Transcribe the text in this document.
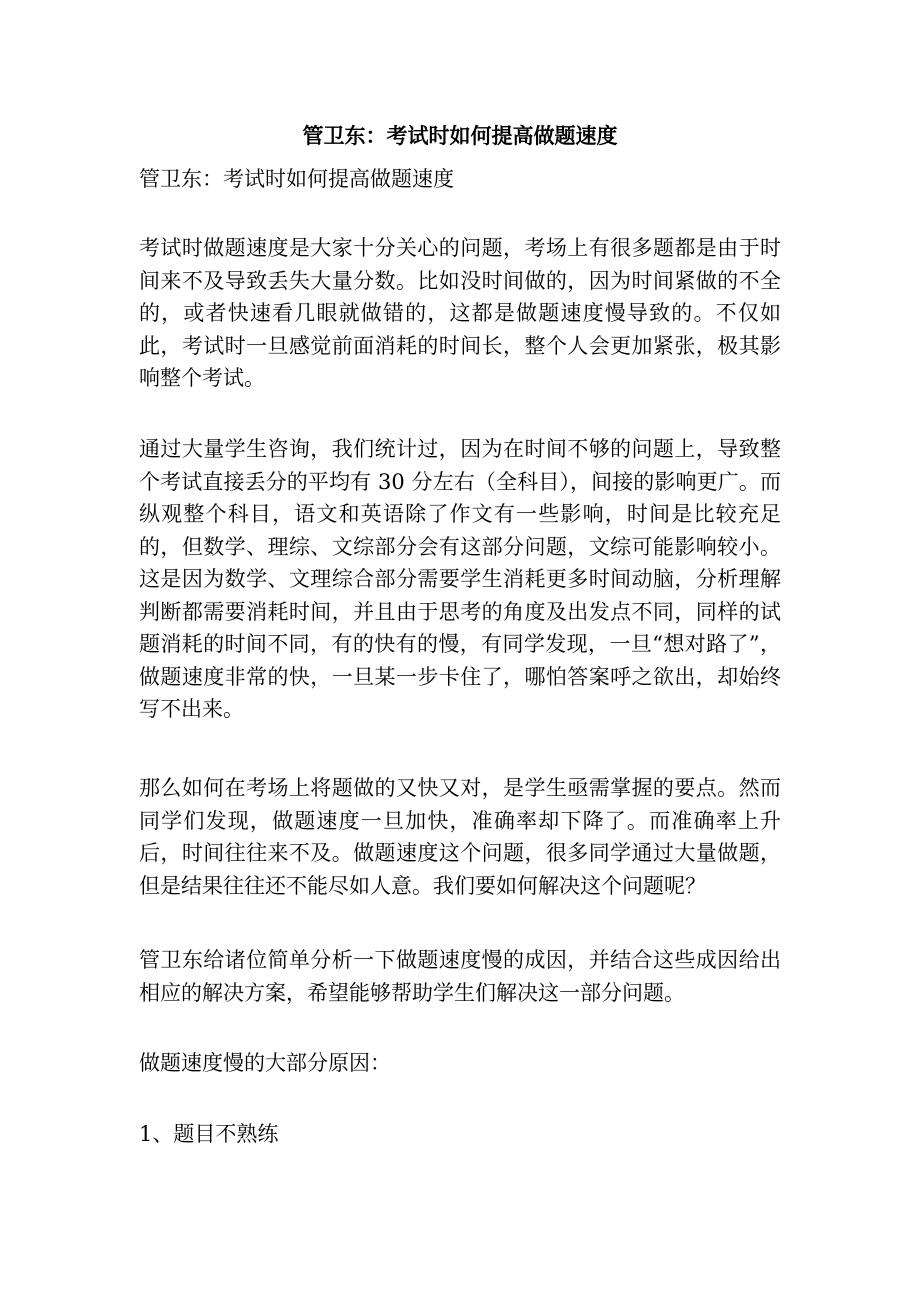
管卫东：考试时如何提高做题速度

管卫东：考试时如何提高做题速度

考试时做题速度是大家十分关心的问题，考场上有很多题都是由于时间来不及导致丢失大量分数。比如没时间做的，因为时间紧做的不全的，或者快速看几眼就做错的，这都是做题速度慢导致的。不仅如此，考试时一旦感觉前面消耗的时间长，整个人会更加紧张，极其影响整个考试。

通过大量学生咨询，我们统计过，因为在时间不够的问题上，导致整个考试直接丢分的平均有 30 分左右（全科目），间接的影响更广。而纵观整个科目，语文和英语除了作文有一些影响，时间是比较充足的，但数学、理综、文综部分会有这部分问题，文综可能影响较小。这是因为数学、文理综合部分需要学生消耗更多时间动脑，分析理解判断都需要消耗时间，并且由于思考的角度及出发点不同，同样的试题消耗的时间不同，有的快有的慢，有同学发现，一旦“想对路了”，做题速度非常的快，一旦某一步卡住了，哪怕答案呼之欲出，却始终写不出来。

那么如何在考场上将题做的又快又对，是学生亟需掌握的要点。然而同学们发现，做题速度一旦加快，准确率却下降了。而准确率上升后，时间往往来不及。做题速度这个问题，很多同学通过大量做题，但是结果往往还不能尽如人意。我们要如何解决这个问题呢？

管卫东给诸位简单分析一下做题速度慢的成因，并结合这些成因给出相应的解决方案，希望能够帮助学生们解决这一部分问题。

做题速度慢的大部分原因：

1、题目不熟练
